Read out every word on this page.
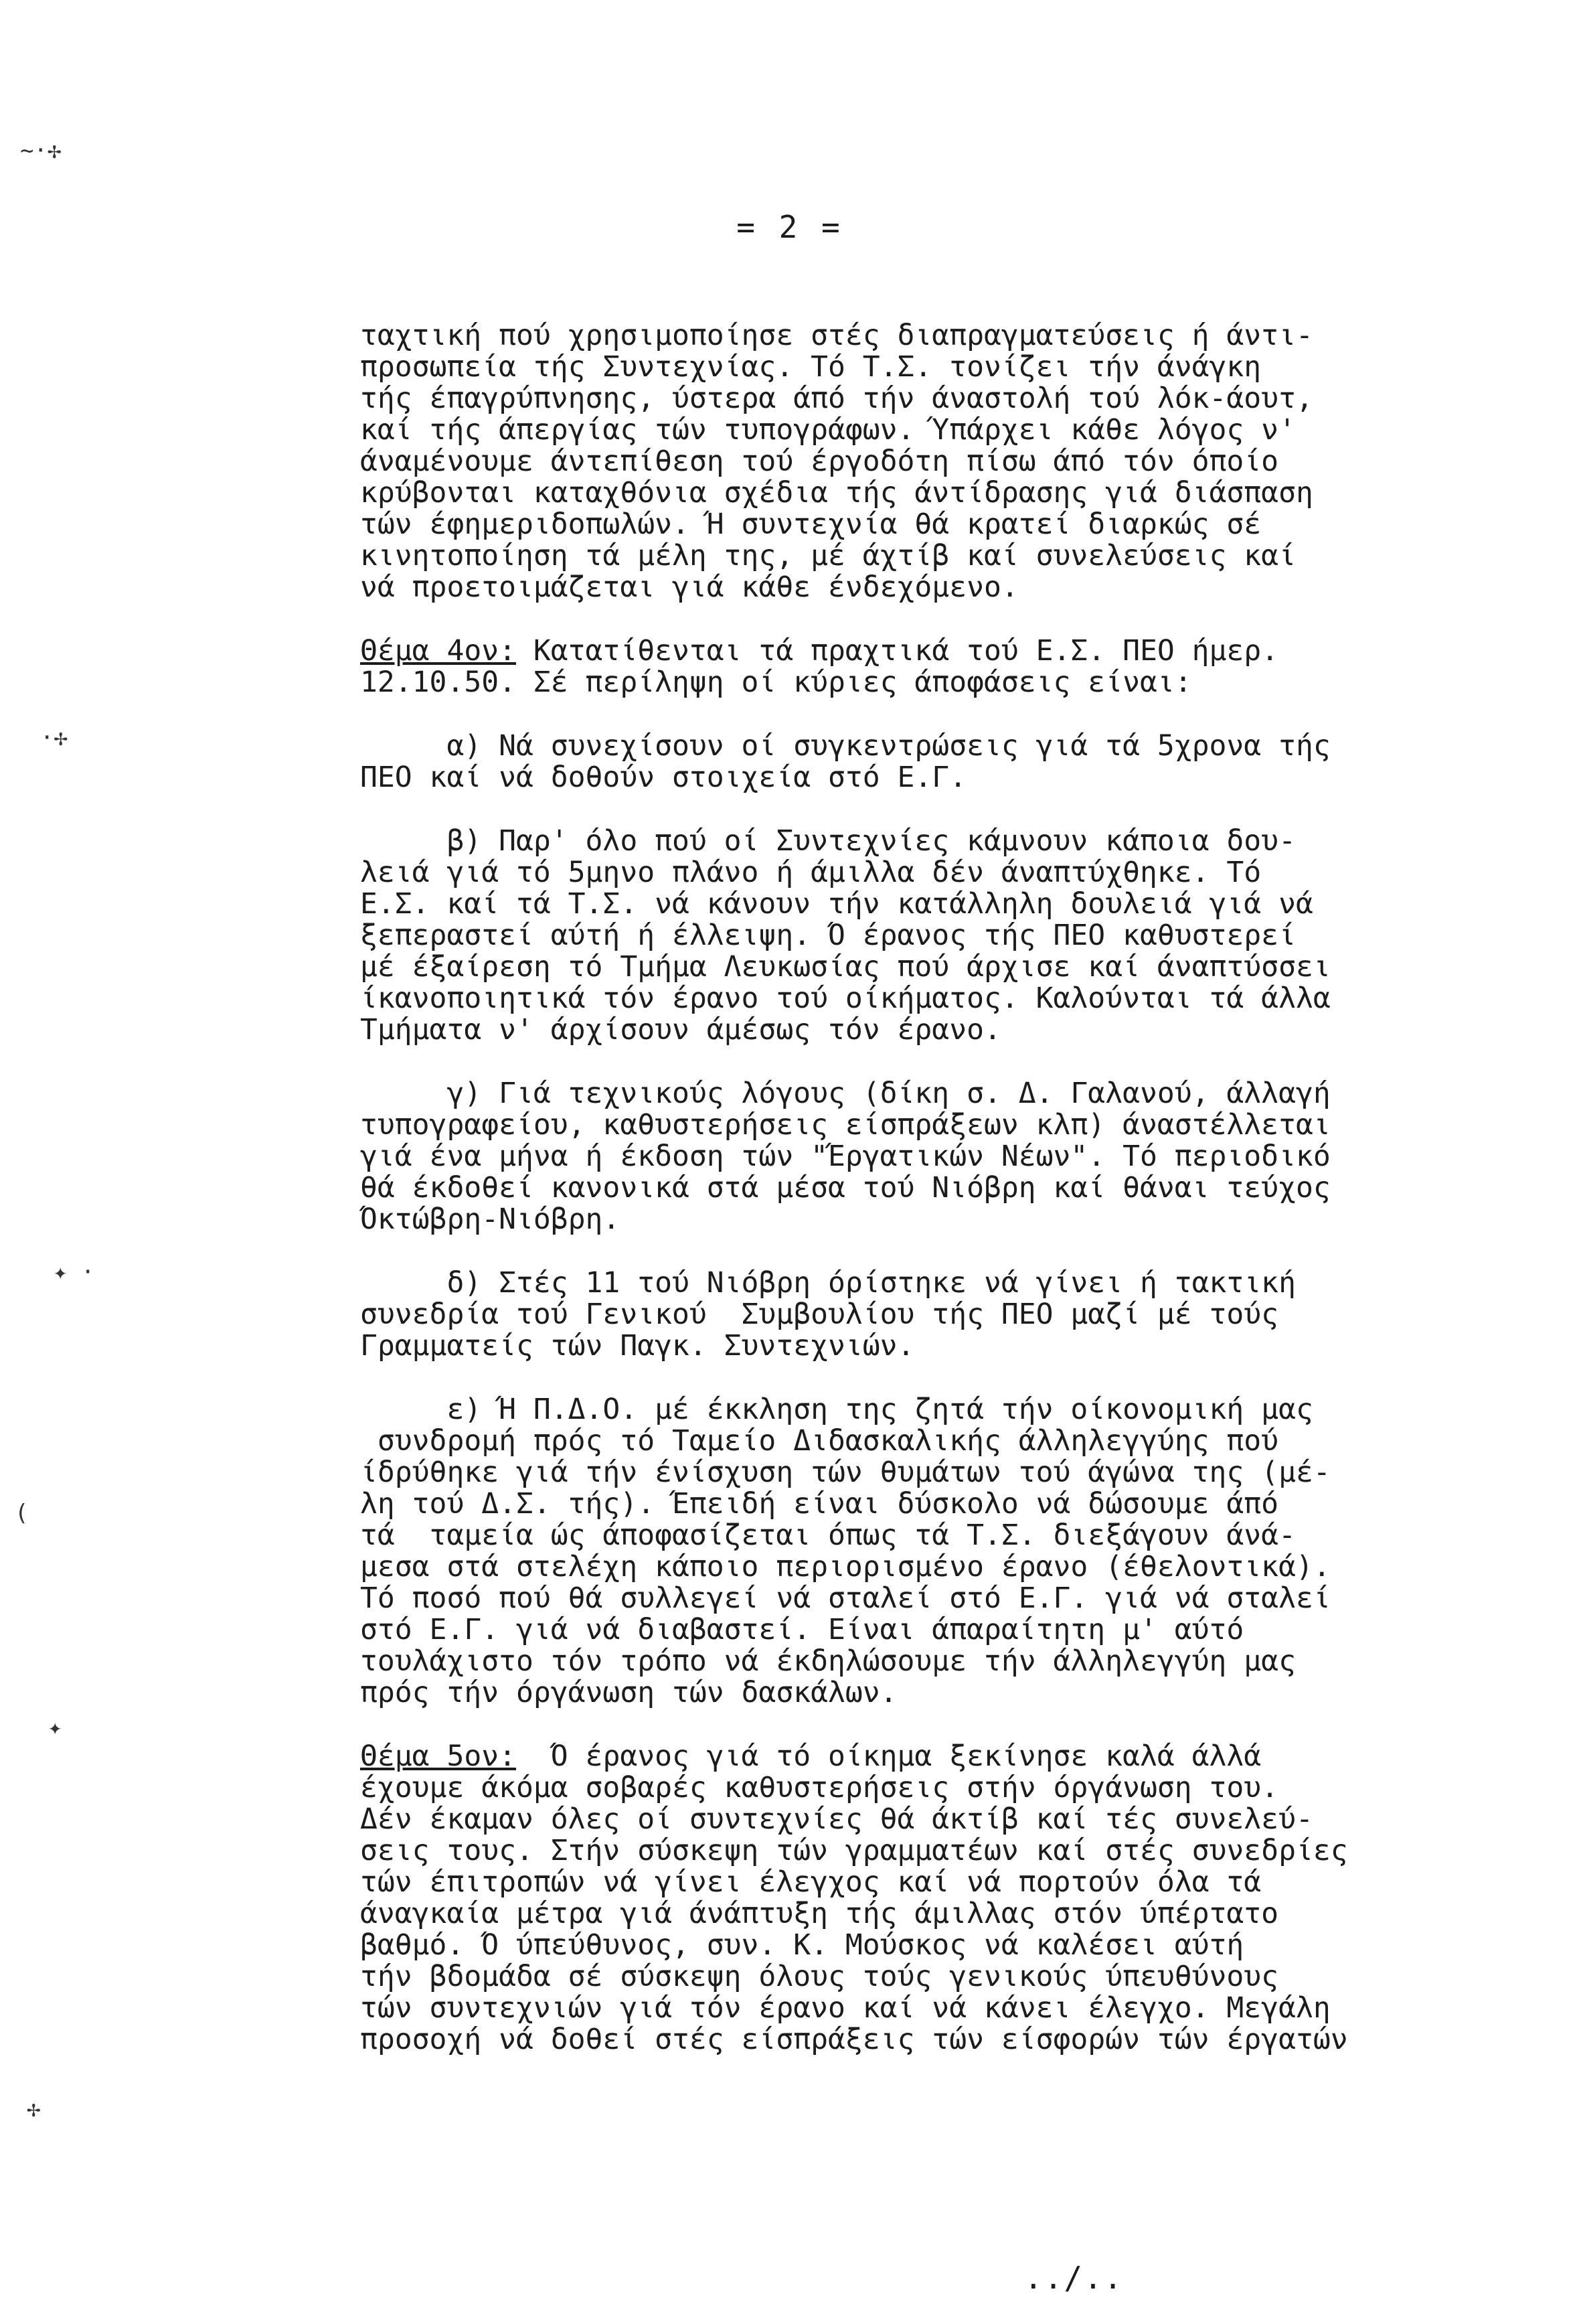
= 2 =
ταχτική πού χρησιμοποίησε στές διαπραγματεύσεις ή άντι-
προσωπεία τής Συντεχνίας. Τό Τ.Σ. τονίζει τήν άνάγκη
τής έπαγρύπνησης, ύστερα άπό τήν άναστολή τού λόκ-άουτ,
καί τής άπεργίας τών τυπογράφων. Ύπάρχει κάθε λόγος ν'
άναμένουμε άντεπίθεση τού έργοδότη πίσω άπό τόν όποίο
κρύβονται καταχθόνια σχέδια τής άντίδρασης γιά διάσπαση
τών έφημεριδοπωλών. Ή συντεχνία θά κρατεί διαρκώς σέ
κινητοποίηση τά μέλη της, μέ άχτίβ καί συνελεύσεις καί
νά προετοιμάζεται γιά κάθε ένδεχόμενο.
Θέμα 4ον: Κατατίθενται τά πραχτικά τού Ε.Σ. ΠΕΟ ήμερ.
12.10.50. Σέ περίληψη οί κύριες άποφάσεις είναι:
α) Νά συνεχίσουν οί συγκεντρώσεις γιά τά 5χρονα τής
ΠΕΟ καί νά δοθούν στοιχεία στό Ε.Γ.
β) Παρ' όλο πού οί Συντεχνίες κάμνουν κάποια δου-
λειά γιά τό 5μηνο πλάνο ή άμιλλα δέν άναπτύχθηκε. Τό
Ε.Σ. καί τά Τ.Σ. νά κάνουν τήν κατάλληλη δουλειά γιά νά
ξεπεραστεί αύτή ή έλλειψη. Ό έρανος τής ΠΕΟ καθυστερεί
μέ έξαίρεση τό Τμήμα Λευκωσίας πού άρχισε καί άναπτύσσει
ίκανοποιητικά τόν έρανο τού οίκήματος. Καλούνται τά άλλα
Τμήματα ν' άρχίσουν άμέσως τόν έρανο.
γ) Γιά τεχνικούς λόγους (δίκη σ. Δ. Γαλανού, άλλαγή
τυπογραφείου, καθυστερήσεις είσπράξεων κλπ) άναστέλλεται
γιά ένα μήνα ή έκδοση τών "Έργατικών Νέων". Τό περιοδικό
θά έκδοθεί κανονικά στά μέσα τού Νιόβρη καί θάναι τεύχος
Όκτώβρη-Νιόβρη.
δ) Στές 11 τού Νιόβρη όρίστηκε νά γίνει ή τακτική
συνεδρία τού Γενικού  Συμβουλίου τής ΠΕΟ μαζί μέ τούς
Γραμματείς τών Παγκ. Συντεχνιών.
ε) Ή Π.Δ.Ο. μέ έκκληση της ζητά τήν οίκονομική μας
συνδρομή πρός τό Ταμείο Διδασκαλικής άλληλεγγύης πού
ίδρύθηκε γιά τήν ένίσχυση τών θυμάτων τού άγώνα της (μέ-
λη τού Δ.Σ. τής). Έπειδή είναι δύσκολο νά δώσουμε άπό
τά  ταμεία ώς άποφασίζεται όπως τά Τ.Σ. διεξάγουν άνά-
μεσα στά στελέχη κάποιο περιορισμένο έρανο (έθελοντικά).
Τό ποσό πού θά συλλεγεί νά σταλεί στό Ε.Γ. γιά νά σταλεί
στό Ε.Γ. γιά νά διαβαστεί. Είναι άπαραίτητη μ' αύτό
τουλάχιστο τόν τρόπο νά έκδηλώσουμε τήν άλληλεγγύη μας
πρός τήν όργάνωση τών δασκάλων.
Θέμα 5ον:  Ό έρανος γιά τό οίκημα ξεκίνησε καλά άλλά
έχουμε άκόμα σοβαρές καθυστερήσεις στήν όργάνωση του.
Δέν έκαμαν όλες οί συντεχνίες θά άκτίβ καί τές συνελεύ-
σεις τους. Στήν σύσκεψη τών γραμματέων καί στές συνεδρίες
τών έπιτροπών νά γίνει έλεγχος καί νά πορτούν όλα τά
άναγκαία μέτρα γιά άνάπτυξη τής άμιλλας στόν ύπέρτατο
βαθμό. Ό ύπεύθυνος, συν. Κ. Μούσκος νά καλέσει αύτή
τήν βδομάδα σέ σύσκεψη όλους τούς γενικούς ύπευθύνους
τών συντεχνιών γιά τόν έρανο καί νά κάνει έλεγχο. Μεγάλη
προσοχή νά δοθεί στές είσπράξεις τών είσφορών τών έργατών
../..
~·✢
·✢
✦ ·
(
✦
✢
